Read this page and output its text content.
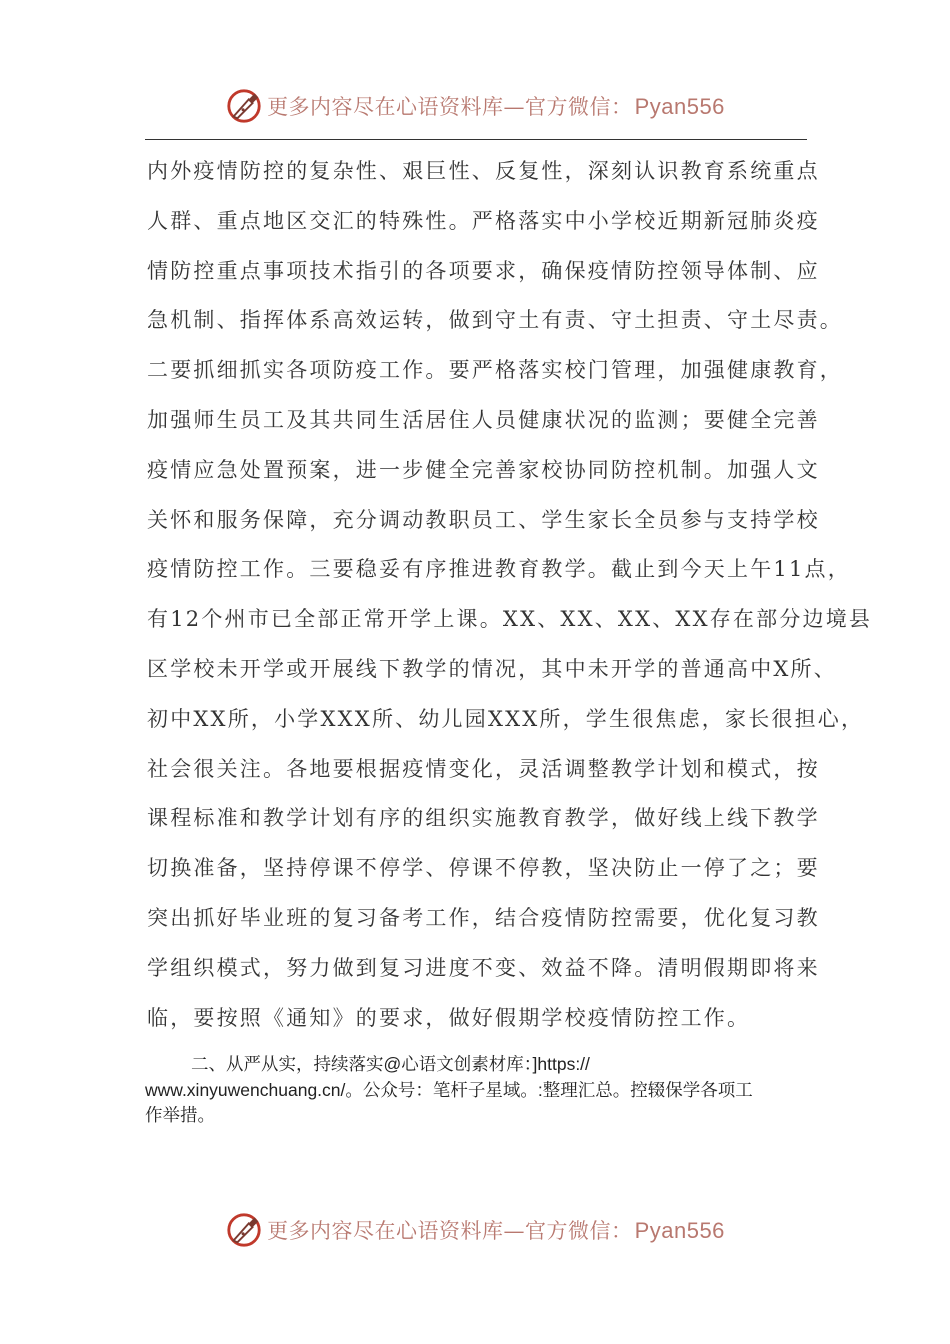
更多内容尽在心语资料库—官方微信：Pyan556
内外疫情防控的复杂性、艰巨性、反复性，深刻认识教育系统重点
人群、重点地区交汇的特殊性。严格落实中小学校近期新冠肺炎疫
情防控重点事项技术指引的各项要求，确保疫情防控领导体制、应
急机制、指挥体系高效运转，做到守土有责、守土担责、守土尽责。
二要抓细抓实各项防疫工作。要严格落实校门管理，加强健康教育，
加强师生员工及其共同生活居住人员健康状况的监测；要健全完善
疫情应急处置预案，进一步健全完善家校协同防控机制。加强人文
关怀和服务保障，充分调动教职员工、学生家长全员参与支持学校
疫情防控工作。三要稳妥有序推进教育教学。截止到今天上午11点，
有12个州市已全部正常开学上课。XX、XX、XX、XX存在部分边境县
区学校未开学或开展线下教学的情况，其中未开学的普通高中X所、
初中XX所，小学XXX所、幼儿园XXX所，学生很焦虑，家长很担心，
社会很关注。各地要根据疫情变化，灵活调整教学计划和模式，按
课程标准和教学计划有序的组织实施教育教学，做好线上线下教学
切换准备，坚持停课不停学、停课不停教，坚决防止一停了之；要
突出抓好毕业班的复习备考工作，结合疫情防控需要，优化复习教
学组织模式，努力做到复习进度不变、效益不降。清明假期即将来
临，要按照《通知》的要求，做好假期学校疫情防控工作。
二、从严从实，持续落实@心语文创素材库：]https://
www.xinyuwenchuang.cn/。公众号：笔杆子星域。:整理汇总。控辍保学各项工
作举措。
更多内容尽在心语资料库—官方微信：Pyan556
